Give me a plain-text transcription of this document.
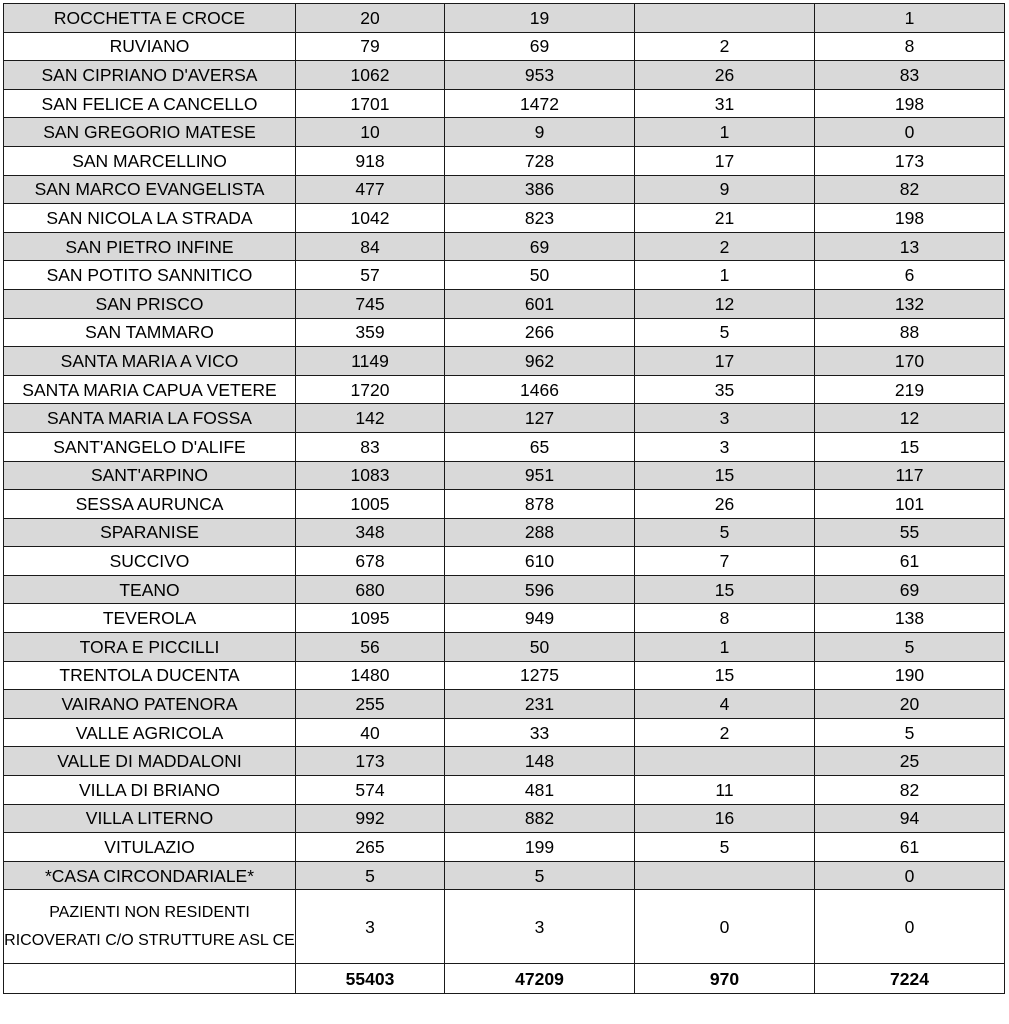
ROCCHETTA E CROCE	20	19		1
RUVIANO	79	69	2	8
SAN CIPRIANO D'AVERSA	1062	953	26	83
SAN FELICE A CANCELLO	1701	1472	31	198
SAN GREGORIO MATESE	10	9	1	0
SAN MARCELLINO	918	728	17	173
SAN MARCO EVANGELISTA	477	386	9	82
SAN NICOLA LA STRADA	1042	823	21	198
SAN PIETRO INFINE	84	69	2	13
SAN POTITO SANNITICO	57	50	1	6
SAN PRISCO	745	601	12	132
SAN TAMMARO	359	266	5	88
SANTA MARIA A VICO	1149	962	17	170
SANTA MARIA CAPUA VETERE	1720	1466	35	219
SANTA MARIA LA FOSSA	142	127	3	12
SANT'ANGELO D'ALIFE	83	65	3	15
SANT'ARPINO	1083	951	15	117
SESSA AURUNCA	1005	878	26	101
SPARANISE	348	288	5	55
SUCCIVO	678	610	7	61
TEANO	680	596	15	69
TEVEROLA	1095	949	8	138
TORA E PICCILLI	56	50	1	5
TRENTOLA DUCENTA	1480	1275	15	190
VAIRANO PATENORA	255	231	4	20
VALLE AGRICOLA	40	33	2	5
VALLE DI MADDALONI	173	148		25
VILLA DI BRIANO	574	481	11	82
VILLA LITERNO	992	882	16	94
VITULAZIO	265	199	5	61
*CASA CIRCONDARIALE*	5	5		0
PAZIENTI NON RESIDENTI RICOVERATI C/O STRUTTURE ASL CE	3	3	0	0
	55403	47209	970	7224
